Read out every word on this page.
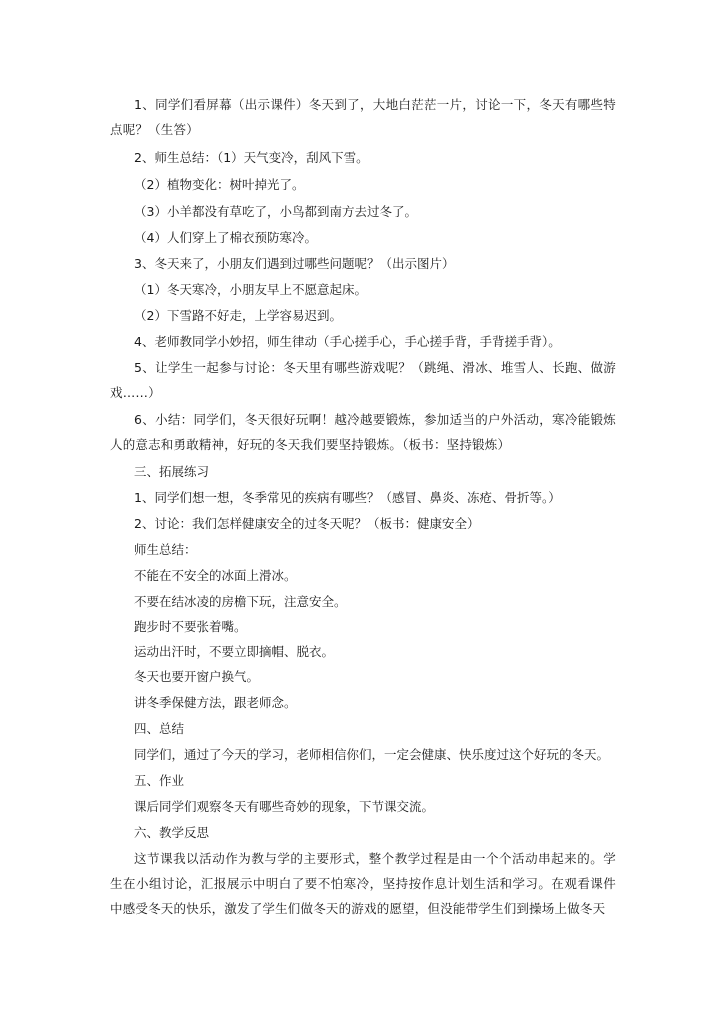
1、同学们看屏幕（出示课件）冬天到了，大地白茫茫一片，讨论一下，冬天有哪些特点呢？（生答）

2、师生总结：（1）天气变冷，刮风下雪。

（2）植物变化：树叶掉光了。

（3）小羊都没有草吃了，小鸟都到南方去过冬了。

（4）人们穿上了棉衣预防寒冷。

3、冬天来了，小朋友们遇到过哪些问题呢？（出示图片）

（1）冬天寒冷，小朋友早上不愿意起床。

（2）下雪路不好走，上学容易迟到。

4、老师教同学小妙招，师生律动（手心搓手心，手心搓手背，手背搓手背）。

5、让学生一起参与讨论：冬天里有哪些游戏呢？（跳绳、滑冰、堆雪人、长跑、做游戏……）

6、小结：同学们，冬天很好玩啊！越冷越要锻炼，参加适当的户外活动，寒冷能锻炼人的意志和勇敢精神，好玩的冬天我们要坚持锻炼。（板书：坚持锻炼）

三、拓展练习

1、同学们想一想，冬季常见的疾病有哪些？（感冒、鼻炎、冻疮、骨折等。）

2、讨论：我们怎样健康安全的过冬天呢？（板书：健康安全）

师生总结：

不能在不安全的冰面上滑冰。

不要在结冰凌的房檐下玩，注意安全。

跑步时不要张着嘴。

运动出汗时，不要立即摘帽、脱衣。

冬天也要开窗户换气。

讲冬季保健方法，跟老师念。

四、总结

同学们，通过了今天的学习，老师相信你们，一定会健康、快乐度过这个好玩的冬天。

五、作业

课后同学们观察冬天有哪些奇妙的现象，下节课交流。

六、教学反思

这节课我以活动作为教与学的主要形式，整个教学过程是由一个个活动串起来的。学生在小组讨论，汇报展示中明白了要不怕寒冷，坚持按作息计划生活和学习。在观看课件中感受冬天的快乐，激发了学生们做冬天的游戏的愿望，但没能带学生们到操场上做冬天
